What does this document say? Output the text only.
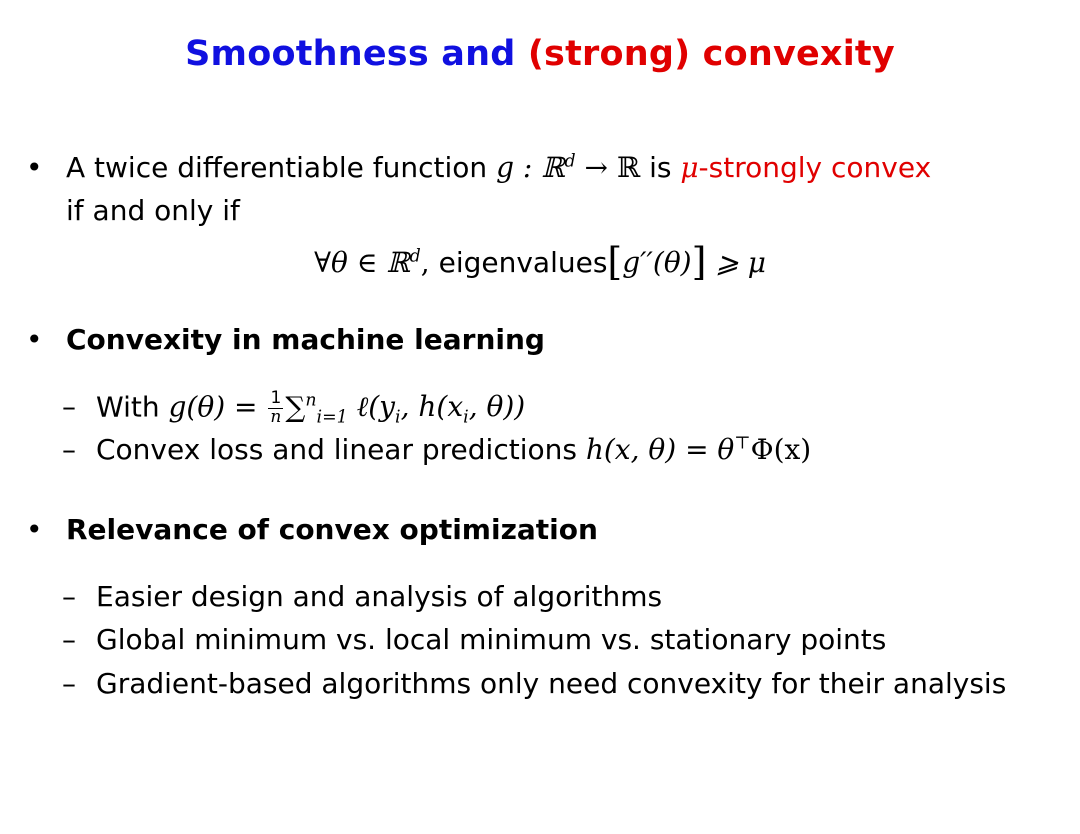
Smoothness and (strong) convexity
• A twice differentiable function g : ℝ$^d$ → ℝ is μ-strongly convex
if and only if
∀θ ∈ ℝ$^d$, eigenvalues[g′′(θ)] ⩾ μ
• Convexity in machine learning
– With $g(\theta) = \frac{1}{n} \sum^n_{i=1}$ $\ell(y_i$, $h(x_i$, θ))
– Convex loss and linear predictions h(x, θ) = θ⊤Φ(x)
• Relevance of convex optimization
– Easier design and analysis of algorithms
– Global minimum vs. local minimum vs. stationary points
– Gradient-based algorithms only need convexity for their analysis
